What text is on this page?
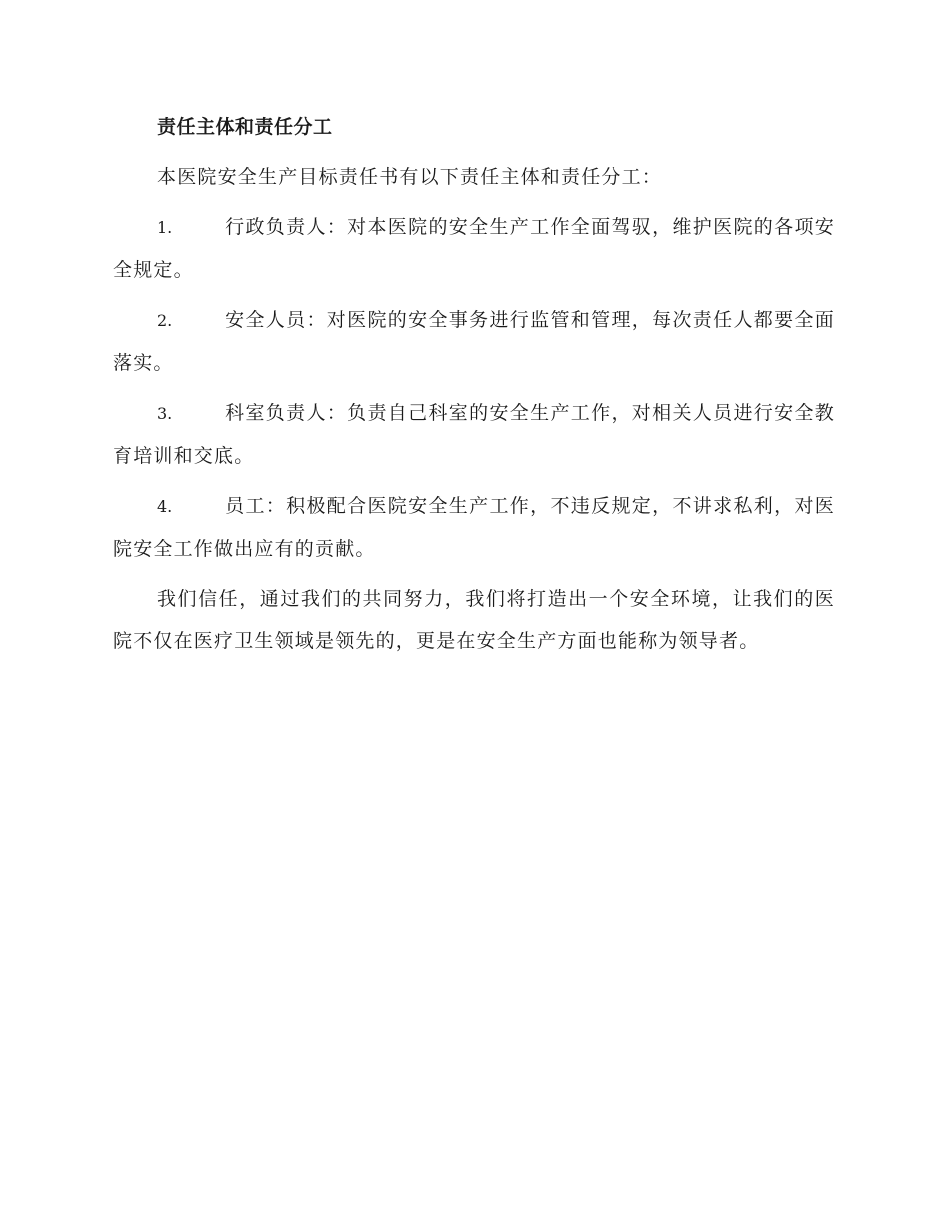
责任主体和责任分工

本医院安全生产目标责任书有以下责任主体和责任分工：

1.	行政负责人：对本医院的安全生产工作全面驾驭，维护医院的各项安全规定。

2.	安全人员：对医院的安全事务进行监管和管理，每次责任人都要全面落实。

3.	科室负责人：负责自己科室的安全生产工作，对相关人员进行安全教育培训和交底。

4.	员工：积极配合医院安全生产工作，不违反规定，不讲求私利，对医院安全工作做出应有的贡献。

我们信任，通过我们的共同努力，我们将打造出一个安全环境，让我们的医院不仅在医疗卫生领域是领先的，更是在安全生产方面也能称为领导者。
